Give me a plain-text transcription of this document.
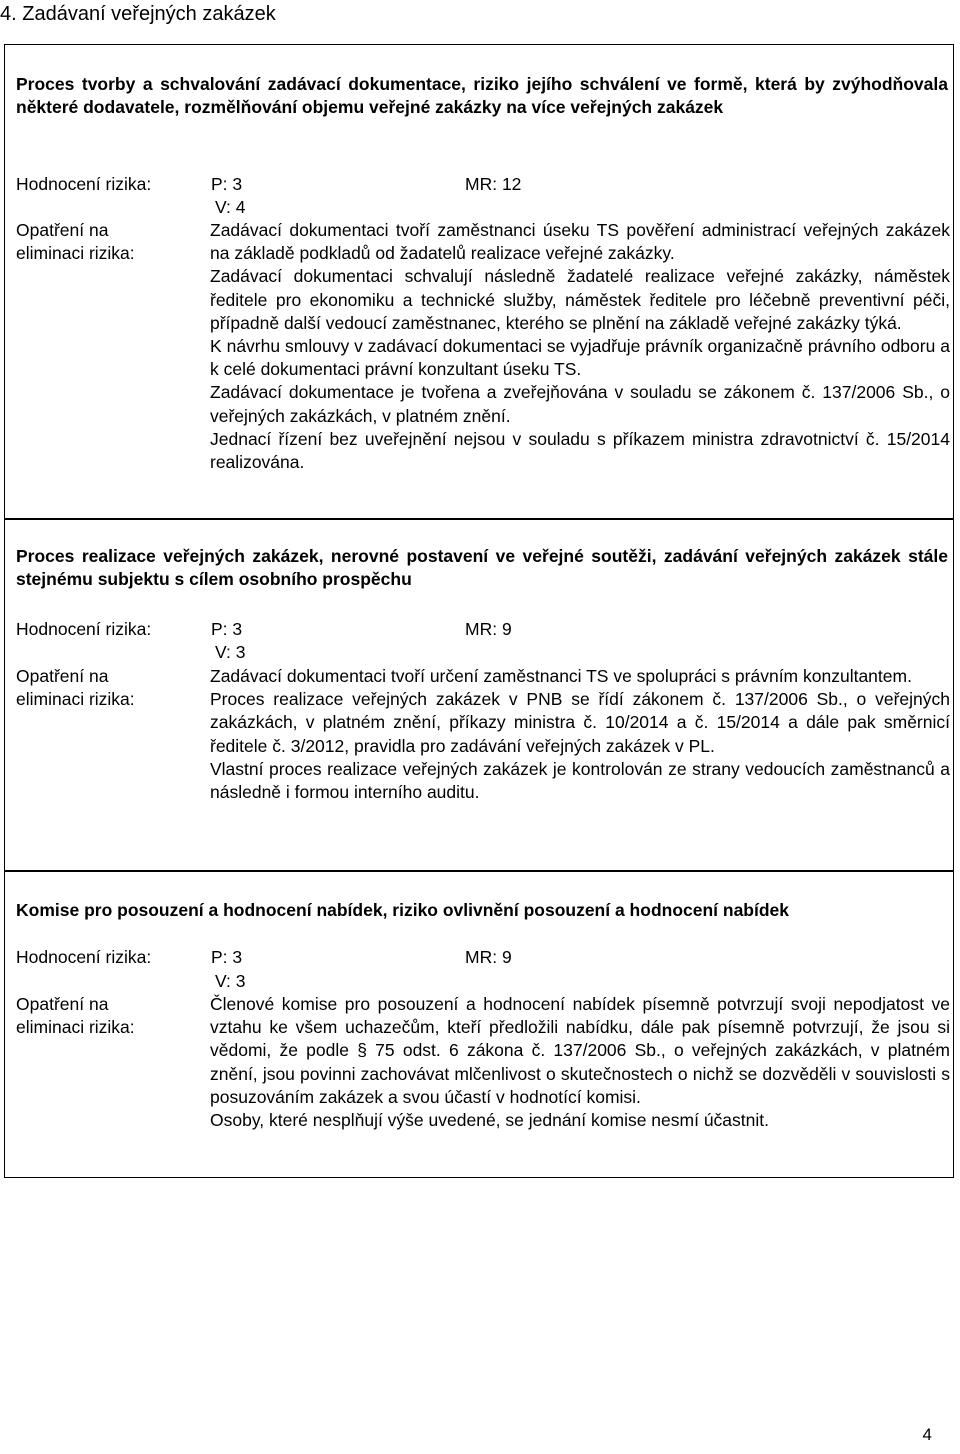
4. Zadávaní veřejných zakázek
Proces tvorby a schvalování zadávací dokumentace, riziko jejího schválení ve formě, která by zvýhodňovala některé dodavatele, rozmělňování objemu veřejné zakázky na více veřejných zakázek
Hodnocení rizika:	P: 3	MR: 12
V: 4
Opatření na
eliminaci rizika:

Zadávací dokumentaci tvoří zaměstnanci úseku TS pověření administrací veřejných zakázek na základě podkladů od žadatelů realizace veřejné zakázky.

Zadávací dokumentaci schvalují následně žadatelé realizace veřejné zakázky, náměstek ředitele pro ekonomiku a technické služby, náměstek ředitele pro léčebně preventivní péči, případně další vedoucí zaměstnanec, kterého se plnění na základě veřejné zakázky týká.

K návrhu smlouvy v zadávací dokumentaci se vyjadřuje právník organizačně právního odboru a k celé dokumentaci právní konzultant úseku TS.

Zadávací dokumentace je tvořena a zveřejňována v souladu se zákonem č. 137/2006 Sb., o veřejných zakázkách, v platném znění.

Jednací řízení bez uveřejnění nejsou v souladu s příkazem ministra zdravotnictví č. 15/2014 realizována.

Proces realizace veřejných zakázek, nerovné postavení ve veřejné soutěži, zadávání veřejných zakázek stále stejnému subjektu s cílem osobního prospěchu
Hodnocení rizika:	P: 3	MR: 9
V: 3
Opatření na
eliminaci rizika:

Zadávací dokumentaci tvoří určení zaměstnanci TS ve spolupráci s právním konzultantem.

Proces realizace veřejných zakázek v PNB se řídí zákonem č. 137/2006 Sb., o veřejných zakázkách, v platném znění, příkazy ministra č. 10/2014 a č. 15/2014 a dále pak směrnicí ředitele č. 3/2012, pravidla pro zadávání veřejných zakázek v PL.

Vlastní proces realizace veřejných zakázek je kontrolován ze strany vedoucích zaměstnanců a následně i formou interního auditu.

Komise pro posouzení a hodnocení nabídek, riziko ovlivnění posouzení a hodnocení nabídek
Hodnocení rizika:	P: 3	MR: 9
V: 3
Opatření na
eliminaci rizika:

Členové komise pro posouzení a hodnocení nabídek písemně potvrzují svoji nepodjatost ve vztahu ke všem uchazečům, kteří předložili nabídku, dále pak písemně potvrzují, že jsou si vědomi, že podle § 75 odst. 6 zákona č. 137/2006 Sb., o veřejných zakázkách, v platném znění, jsou povinni zachovávat mlčenlivost o skutečnostech o nichž se dozvěděli v souvislosti s posuzováním zakázek a svou účastí v hodnotící komisi.

Osoby, které nesplňují výše uvedené, se jednání komise nesmí účastnit.

4
